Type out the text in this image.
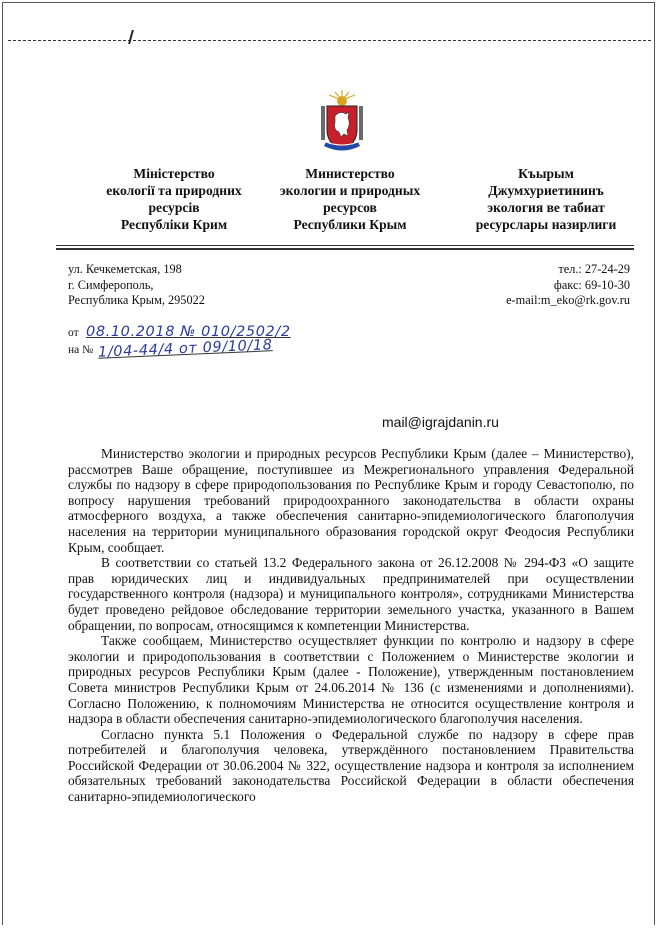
Міністерство
екології та природних
ресурсів
Республіки Крим
Министерство
экологии и природных
ресурсов
Республики Крым
Къырым
Джумхуриетининъ
экология ве табиат
ресурслары назирлиги
ул. Кечкеметская, 198
г. Симферополь,
Республика Крым, 295022
тел.: 27-24-29
факс: 69-10-30
e-mail:m_eko@rk.gov.ru
от 08.10.2018 № 010/2502/2
на № 1/04-44/4 от 09/10/18
mail@igrajdanin.ru

Министерство экологии и природных ресурсов Республики Крым (далее – Министерство), рассмотрев Ваше обращение, поступившее из Межрегионального управления Федеральной службы по надзору в сфере природопользования по Республике Крым и городу Севастополю, по вопросу нарушения требований природоохранного законодательства в области охраны атмосферного воздуха, а также обеспечения санитарно-эпидемиологического благополучия населения на территории муниципального образования городской округ Феодосия Республики Крым, сообщает.

В соответствии со статьей 13.2 Федерального закона от 26.12.2008 № 294-ФЗ «О защите прав юридических лиц и индивидуальных предпринимателей при осуществлении государственного контроля (надзора) и муниципального контроля», сотрудниками Министерства будет проведено рейдовое обследование территории земельного участка, указанного в Вашем обращении, по вопросам, относящимся к компетенции Министерства.

Также сообщаем, Министерство осуществляет функции по контролю и надзору в сфере экологии и природопользования в соответствии с Положением о Министерстве экологии и природных ресурсов Республики Крым (далее - Положение), утвержденным постановлением Совета министров Республики Крым от 24.06.2014 № 136 (с изменениями и дополнениями). Согласно Положению, к полномочиям Министерства не относится осуществление контроля и надзора в области обеспечения санитарно-эпидемиологического благополучия населения.

Согласно пункта 5.1 Положения о Федеральной службе по надзору в сфере прав потребителей и благополучия человека, утверждённого постановлением Правительства Российской Федерации от 30.06.2004 № 322, осуществление надзора и контроля за исполнением обязательных требований законодательства Российской Федерации в области обеспечения санитарно-эпидемиологического
